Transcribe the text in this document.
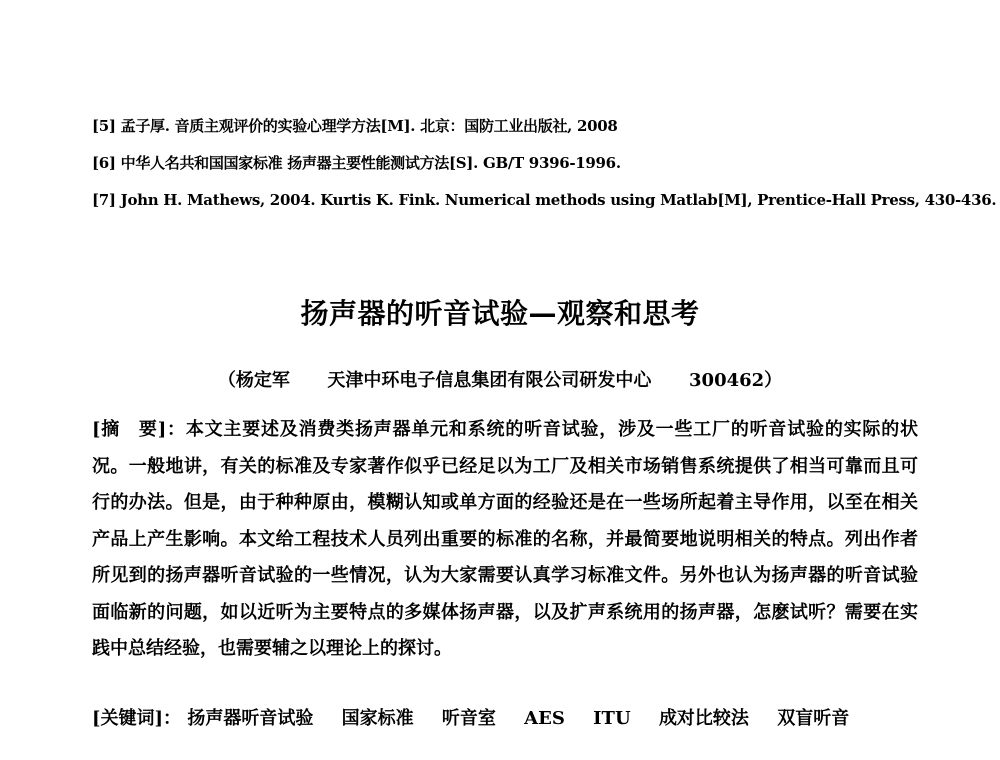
[5] 孟子厚. 音质主观评价的实验心理学方法[M]. 北京：国防工业出版社, 2008
[6] 中华人名共和国国家标准 扬声器主要性能测试方法[S]. GB/T 9396-1996.
[7] John H. Mathews, 2004. Kurtis K. Fink. Numerical methods using Matlab[M], Prentice-Hall Press, 430-436.
扬声器的听音试验—观察和思考
（杨定军      天津中环电子信息集团有限公司研发中心      300462）
[摘　要]：本文主要述及消费类扬声器单元和系统的听音试验，涉及一些工厂的听音试验的实际的状况。一般地讲，有关的标准及专家著作似乎已经足以为工厂及相关市场销售系统提供了相当可靠而且可行的办法。但是，由于种种原由，模糊认知或单方面的经验还是在一些场所起着主导作用，以至在相关产品上产生影响。本文给工程技术人员列出重要的标准的名称，并最简要地说明相关的特点。列出作者所见到的扬声器听音试验的一些情况，认为大家需要认真学习标准文件。另外也认为扬声器的听音试验面临新的问题，如以近听为主要特点的多媒体扬声器，以及扩声系统用的扬声器，怎麽试听？需要在实践中总结经验，也需要辅之以理论上的探讨。
[关键词]： 扬声器听音试验 国家标准 听音室 AES ITU 成对比较法 双盲听音
